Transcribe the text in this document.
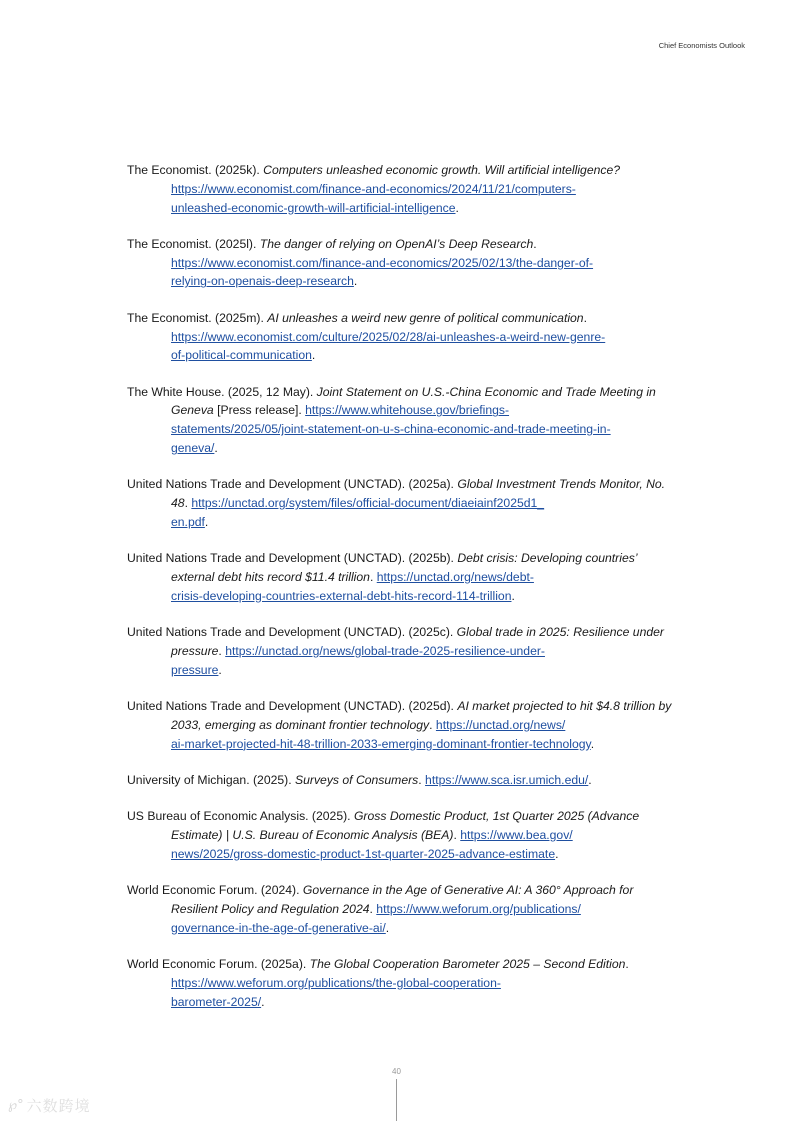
Chief Economists Outlook

The Economist. (2025k). Computers unleashed economic growth. Will artificial intelligence? https://www.economist.com/finance-and-economics/2024/11/21/computers-
unleashed-economic-growth-will-artificial-intelligence.

The Economist. (2025l). The danger of relying on OpenAI’s Deep Research.
https://www.economist.com/finance-and-economics/2025/02/13/the-danger-of-
relying-on-openais-deep-research.

The Economist. (2025m). AI unleashes a weird new genre of political communication.
https://www.economist.com/culture/2025/02/28/ai-unleashes-a-weird-new-genre-
of-political-communication.

The White House. (2025, 12 May). Joint Statement on U.S.-China Economic and Trade Meeting in Geneva [Press release]. https://www.whitehouse.gov/briefings-
statements/2025/05/joint-statement-on-u-s-china-economic-and-trade-meeting-in-
geneva/.

United Nations Trade and Development (UNCTAD). (2025a). Global Investment Trends Monitor, No. 48. https://unctad.org/system/files/official-document/diaeiainf2025d1_
en.pdf.

United Nations Trade and Development (UNCTAD). (2025b). Debt crisis: Developing countries’ external debt hits record $11.4 trillion. https://unctad.org/news/debt-
crisis-developing-countries-external-debt-hits-record-114-trillion.

United Nations Trade and Development (UNCTAD). (2025c). Global trade in 2025: Resilience under pressure. https://unctad.org/news/global-trade-2025-resilience-under-
pressure.

United Nations Trade and Development (UNCTAD). (2025d). AI market projected to hit $4.8 trillion by 2033, emerging as dominant frontier technology. https://unctad.org/news/
ai-market-projected-hit-48-trillion-2033-emerging-dominant-frontier-technology.

University of Michigan. (2025). Surveys of Consumers. https://www.sca.isr.umich.edu/.

US Bureau of Economic Analysis. (2025). Gross Domestic Product, 1st Quarter 2025 (Advance Estimate) | U.S. Bureau of Economic Analysis (BEA). https://www.bea.gov/
news/2025/gross-domestic-product-1st-quarter-2025-advance-estimate.

World Economic Forum. (2024). Governance in the Age of Generative AI: A 360° Approach for Resilient Policy and Regulation 2024. https://www.weforum.org/publications/
governance-in-the-age-of-generative-ai/.

World Economic Forum. (2025a). The Global Cooperation Barometer 2025 – Second Edition. https://www.weforum.org/publications/the-global-cooperation-
barometer-2025/.

40
℘° 六数跨境
